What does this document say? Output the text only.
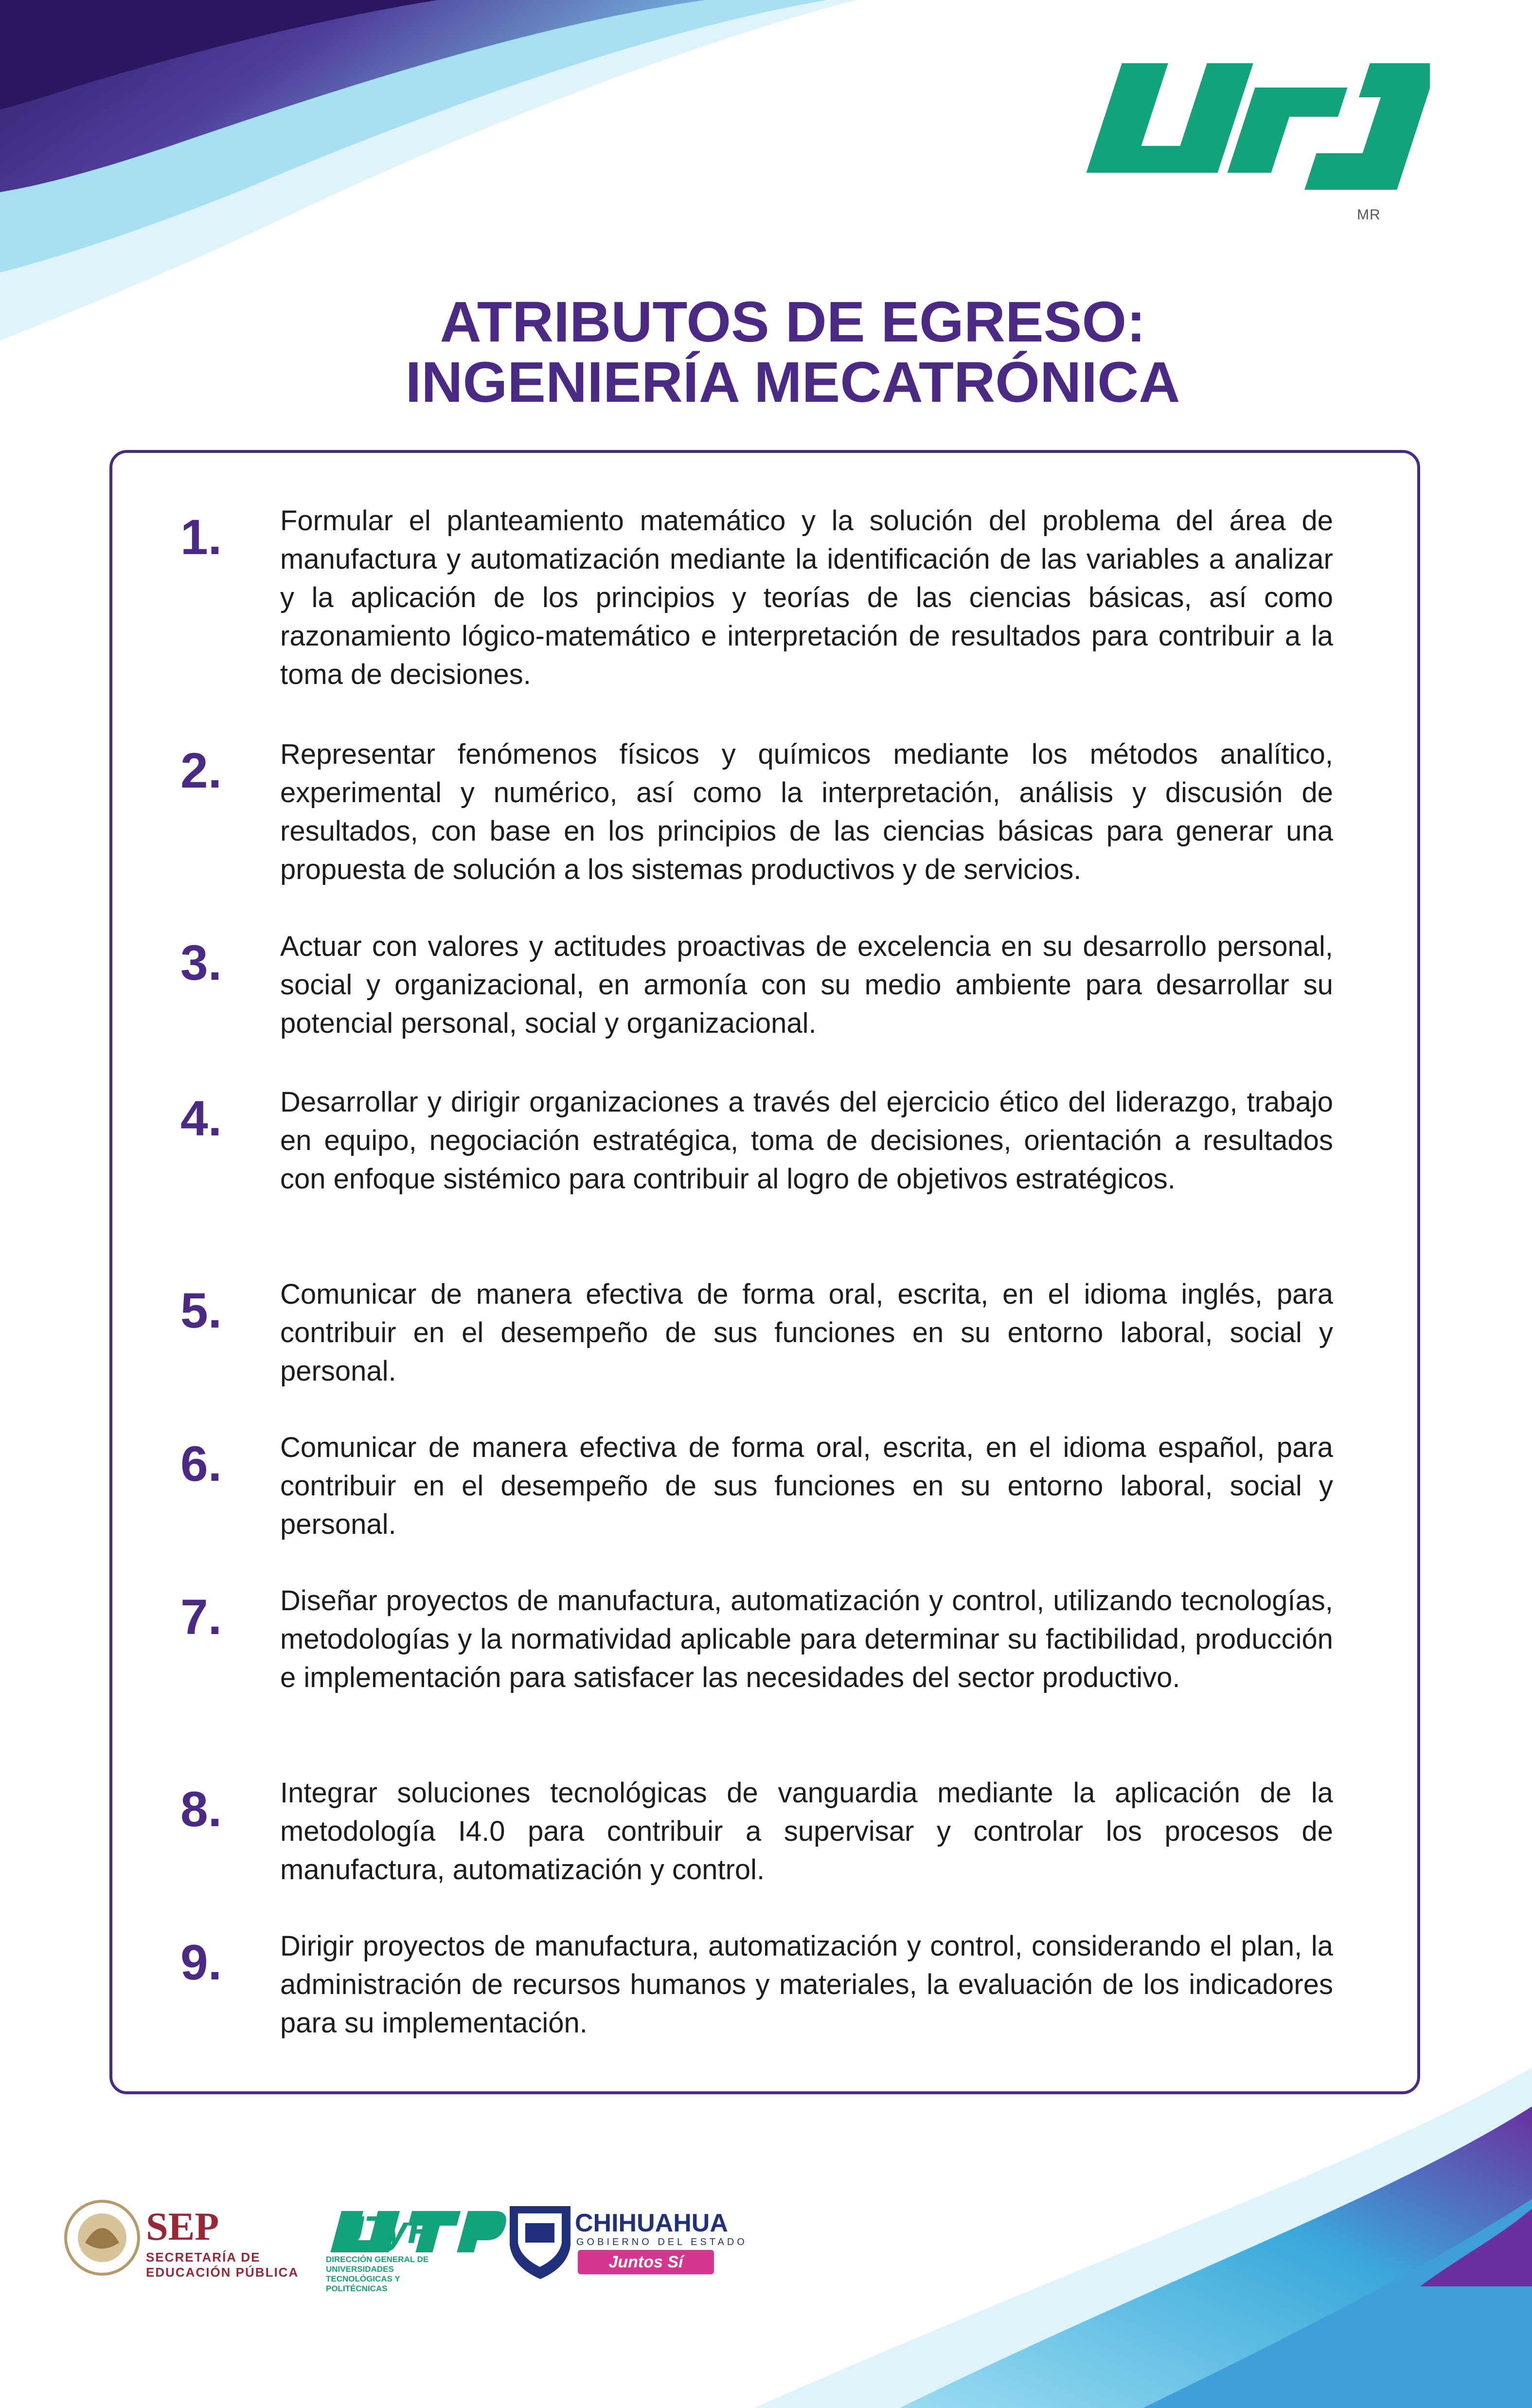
MR
ATRIBUTOS DE EGRESO:
INGENIERÍA MECATRÓNICA
1. Formular el planteamiento matemático y la solución del problema del área de manufactura y automatización mediante la identificación de las variables a analizar y la aplicación de los principios y teorías de las ciencias básicas, así como razonamiento lógico-matemático e interpretación de resultados para contribuir a la toma de decisiones.
2. Representar fenómenos físicos y químicos mediante los métodos analítico, experimental y numérico, así como la interpretación, análisis y discusión de resultados, con base en los principios de las ciencias básicas para generar una propuesta de solución a los sistemas productivos y de servicios.
3. Actuar con valores y actitudes proactivas de excelencia en su desarrollo personal, social y organizacional, en armonía con su medio ambiente para desarrollar su potencial personal, social y organizacional.
4. Desarrollar y dirigir organizaciones a través del ejercicio ético del liderazgo, trabajo en equipo, negociación estratégica, toma de decisiones, orientación a resultados con enfoque sistémico para contribuir al logro de objetivos estratégicos.
5. Comunicar de manera efectiva de forma oral, escrita, en el idioma inglés, para contribuir en el desempeño de sus funciones en su entorno laboral, social y personal.
6. Comunicar de manera efectiva de forma oral, escrita, en el idioma español, para contribuir en el desempeño de sus funciones en su entorno laboral, social y personal.
7. Diseñar proyectos de manufactura, automatización y control, utilizando tecnologías, metodologías y la normatividad aplicable para determinar su factibilidad, producción e implementación para satisfacer las necesidades del sector productivo.
8. Integrar soluciones tecnológicas de vanguardia mediante la aplicación de la metodología I4.0 para contribuir a supervisar y controlar los procesos de manufactura, automatización y control.
9. Dirigir proyectos de manufactura, automatización y control, considerando el plan, la administración de recursos humanos y materiales, la evaluación de los indicadores para su implementación.
SEP
SECRETARÍA DE
EDUCACIÓN PÚBLICA
UTyP
DIRECCIÓN GENERAL DE UNIVERSIDADES
TECNOLÓGICAS Y POLITÉCNICAS
CHIHUAHUA
GOBIERNO DEL ESTADO
Juntos Sí podemos
